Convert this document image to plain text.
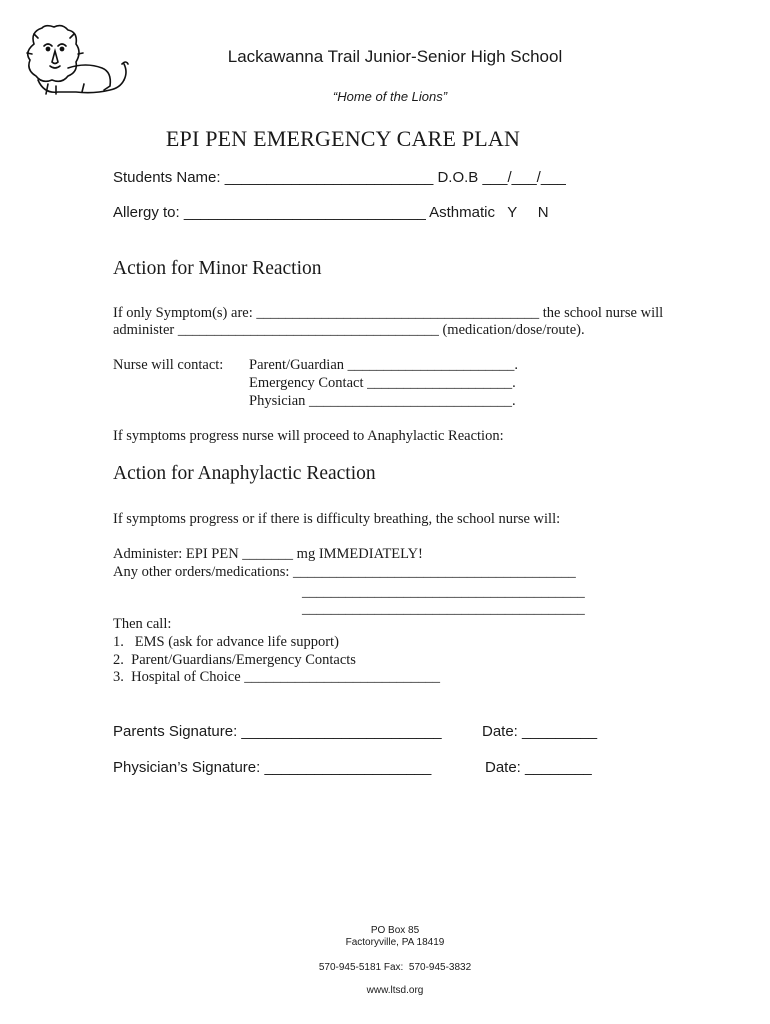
Lackawanna Trail Junior-Senior High School
“Home of the Lions”
EPI PEN EMERGENCY CARE PLAN
Students Name: _________________________ D.O.B ___/___/___
Allergy to: _____________________________ Asthmatic   Y     N
Action for Minor Reaction
If only Symptom(s) are: _______________________________________ the school nurse will
administer ____________________________________ (medication/dose/route).
Nurse will contact: Parent/Guardian _______________________.
Emergency Contact ____________________.
Physician ____________________________.
If symptoms progress nurse will proceed to Anaphylactic Reaction:
Action for Anaphylactic Reaction
If symptoms progress or if there is difficulty breathing, the school nurse will:
Administer: EPI PEN _______ mg IMMEDIATELY!
Any other orders/medications: _______________________________________
_______________________________________
_______________________________________
Then call:
1.   EMS (ask for advance life support)
2.  Parent/Guardians/Emergency Contacts
3.  Hospital of Choice ___________________________
Parents Signature: ________________________	Date: _________
Physician’s Signature: ____________________	Date: ________
PO Box 85
Factoryville, PA 18419
570-945-5181 Fax:  570-945-3832
www.ltsd.org
